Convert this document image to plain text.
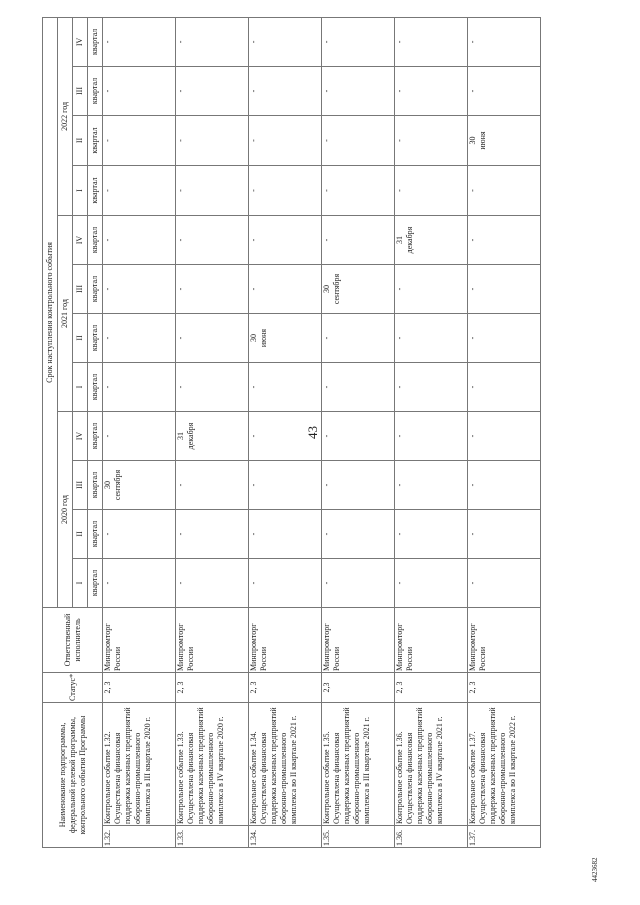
43
4423682
Наименование подпрограммы, федеральной целевой программы, контрольного события Программы		Статус*	Ответственный исполнитель	Срок наступления контрольного события											
				2020 год				2021 год				2022 год			
				I	II	III	IV	I	II	III	IV	I	II	III	IV
				квартал	квартал	квартал	квартал	квартал	квартал	квартал	квартал	квартал	квартал	квартал	квартал
1.32.	Контрольное событие 1.32. Осуществлена финансовая поддержка казенных предприятий оборонно-промышленного комплекса в III квартале 2020 г.	2, 3	Минпромторг России	-	-	30 сентября	-	-	-	-	-	-	-	-	-
1.33.	Контрольное событие 1.33. Осуществлена финансовая поддержка казенных предприятий оборонно-промышленного комплекса в IV квартале 2020 г.	2, 3	Минпромторг России	-	-	-	31 декабря	-	-	-	-	-	-	-	-
1.34.	Контрольное событие 1.34. Осуществлена финансовая поддержка казенных предприятий оборонно-промышленного комплекса во II квартале 2021 г.	2, 3	Минпромторг России	-	-	-	-	-	30 июня	-	-	-	-	-	-
1.35.	Контрольное событие 1.35. Осуществлена финансовая поддержка казенных предприятий оборонно-промышленного комплекса в III квартале 2021 г.	2,3	Минпромторг России	-	-	-	-	-	-	30 сентября	-	-	-	-	-
1.36.	Контрольное событие 1.36. Осуществлена финансовая поддержка казенных предприятий оборонно-промышленного комплекса в IV квартале 2021 г.	2, 3	Минпромторг России	-	-	-	-	-	-	-	31 декабря	-	-	-	-
1.37.	Контрольное событие 1.37. Осуществлена финансовая поддержка казенных предприятий оборонно-промышленного комплекса во II квартале 2022 г.	2, 3	Минпромторг России	-	-	-	-	-	-	-	-	-	30 июня	-	-
